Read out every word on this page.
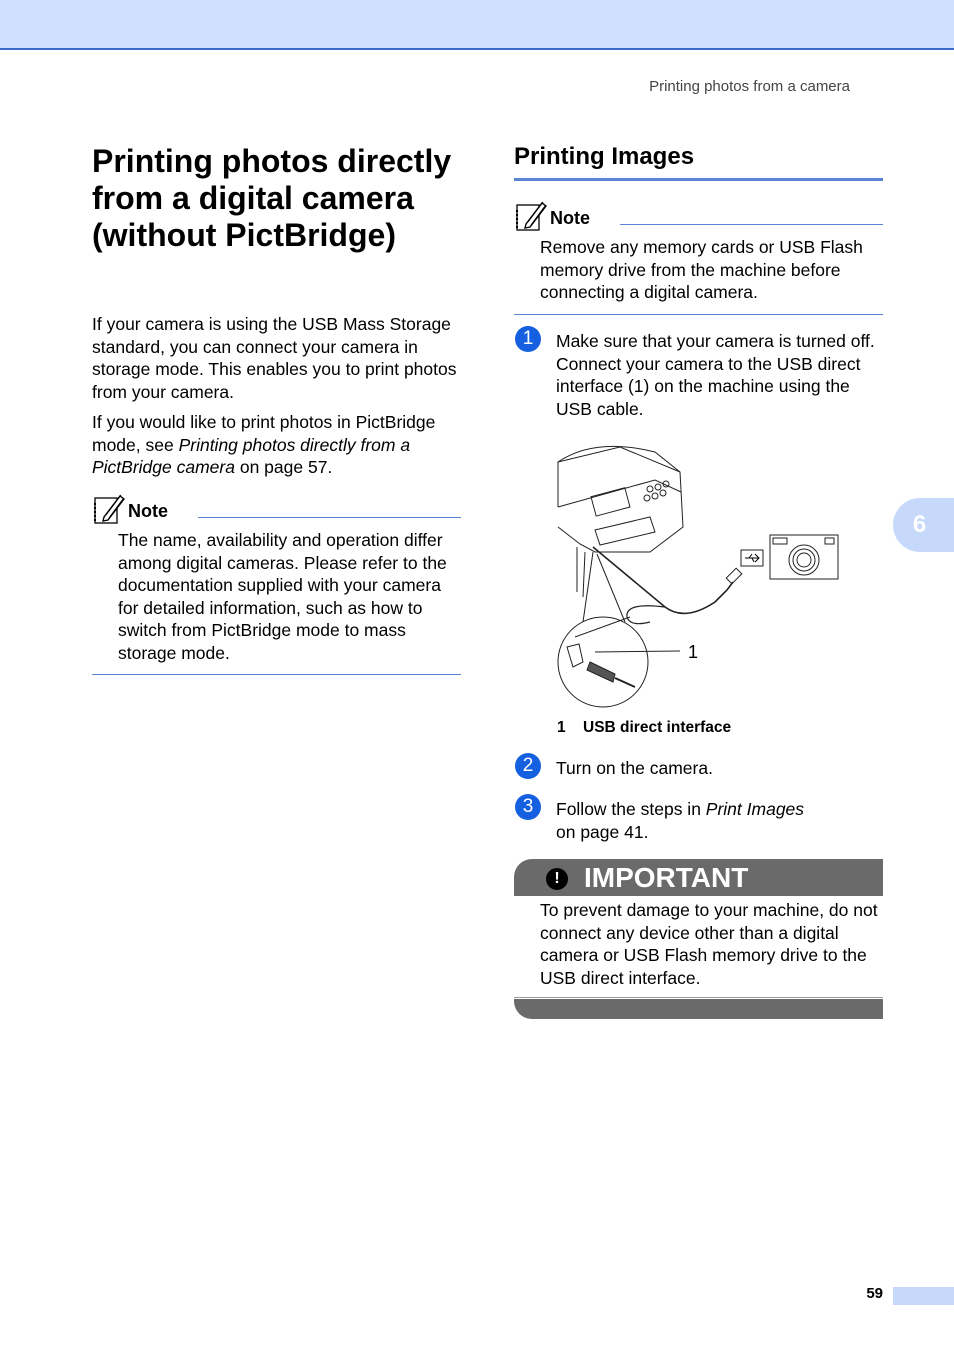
Printing photos from a camera
6
Printing photos directly from a digital camera (without PictBridge)

If your camera is using the USB Mass Storage standard, you can connect your camera in storage mode. This enables you to print photos from your camera.

If you would like to print photos in PictBridge mode, see Printing photos directly from a PictBridge camera on page 57.

Note

The name, availability and operation differ among digital cameras. Please refer to the documentation supplied with your camera for detailed information, such as how to switch from PictBridge mode to mass storage mode.

Printing Images
Note

Remove any memory cards or USB Flash memory drive from the machine before connecting a digital camera.

1	Make sure that your camera is turned off. Connect your camera to the USB direct interface (1) on the machine using the USB cable.

1
1 USB direct interface
2	Turn on the camera.

3	Follow the steps in Print Images on page 41.

! IMPORTANT

To prevent damage to your machine, do not connect any device other than a digital camera or USB Flash memory drive to the USB direct interface.

59
